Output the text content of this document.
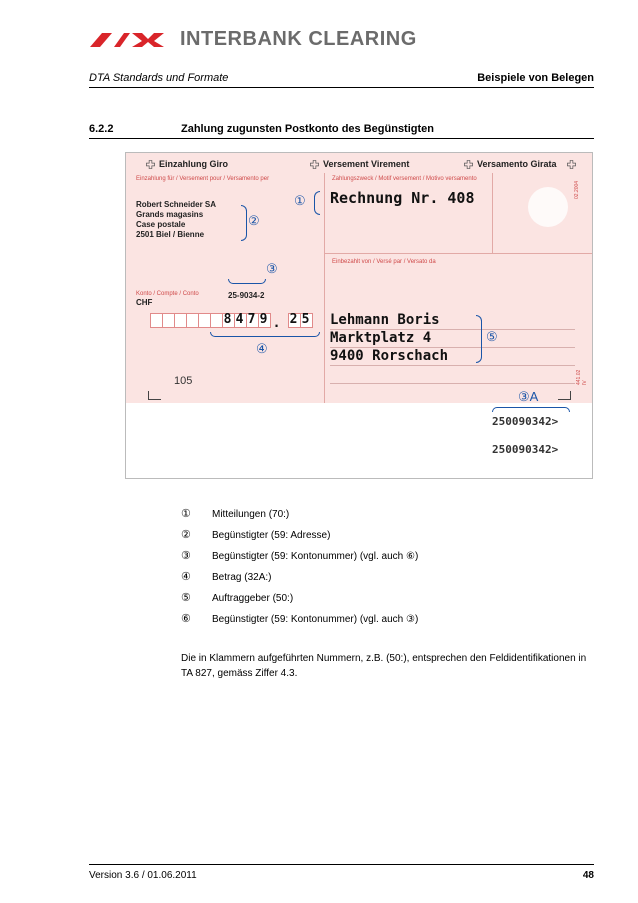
INTERBANK CLEARING
DTA Standards und Formate	Beispiele von Belegen
6.2.2	Zahlung zugunsten Postkonto des Begünstigten
Einzahlung Giro	Versement Virement	Versamento Girata
Einzahlung für / Versement pour / Versamento per	Zahlungszweck / Motif versement / Motivo versamento
Konto / Compte / Conto
Einbezahlt von / Versé par / Versato da
02.2004
441.02 IV
Robert Schneider SA
Grands magasins
Case postale
2501 Biel / Bienne
②
① Rechnung Nr. 408
③
25-9034-2
CHF
8 4 7 9 . 2 5
④
Lehmann Boris
Marktplatz 4
9400 Rorschach
⑤
105
③A
250090342>
250090342>
① Mitteilungen (70:)
② Begünstigter (59: Adresse)
③ Begünstigter (59: Kontonummer) (vgl. auch ⑥)
④ Betrag (32A:)
⑤ Auftraggeber (50:)
⑥ Begünstigter (59: Kontonummer) (vgl. auch ③)
Die in Klammern aufgeführten Nummern, z.B. (50:), entsprechen den Feldidentifikationen in TA 827, gemäss Ziffer 4.3.
Version 3.6 / 01.06.2011	48
